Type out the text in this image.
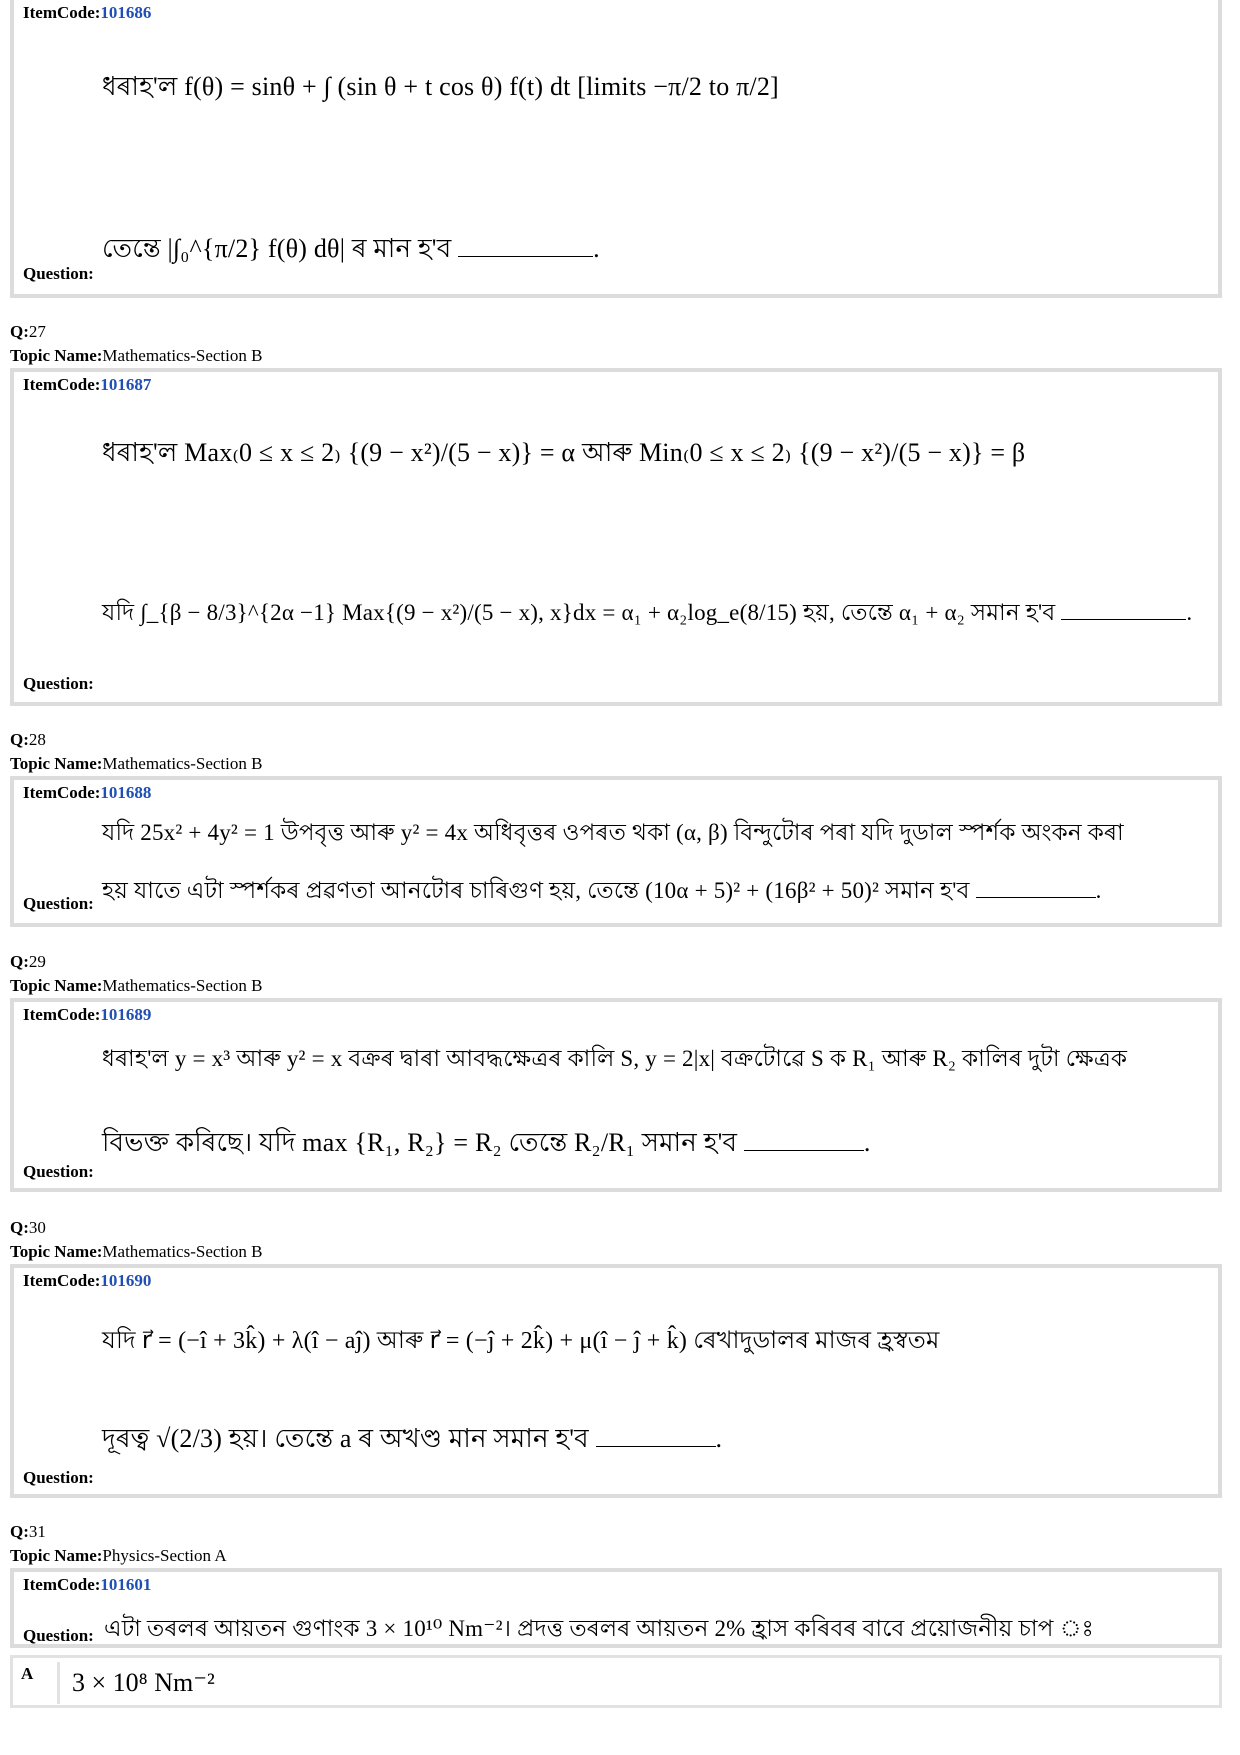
ItemCode:101686
ধৰাহ'ল f(θ) = sinθ + ∫ (sin θ + t cos θ) f(t) dt [limits −π/2 to π/2]
তেন্তে |∫₀^{π/2} f(θ) dθ| ৰ মান হ'ব	.
Question:
Q:27
Topic Name:Mathematics-Section B
ItemCode:101687
ধৰাহ'ল Max₍0 ≤ x ≤ 2₎ {(9 − x²)/(5 − x)} = α আৰু Min₍0 ≤ x ≤ 2₎ {(9 − x²)/(5 − x)} = β
যদি ∫_{β − 8/3}^{2α −1} Max{(9 − x²)/(5 − x), x}dx = α₁ + α₂log_e(8/15) হয়, তেন্তে α₁ + α₂ সমান হ'ব	.
Question:
Q:28
Topic Name:Mathematics-Section B
ItemCode:101688
যদি 25x² + 4y² = 1 উপবৃত্ত আৰু y² = 4x অধিবৃত্তৰ ওপৰত থকা (α, β) বিন্দুটোৰ পৰা যদি দুডাল স্পৰ্শক অংকন কৰা
হয় যাতে এটা স্পৰ্শকৰ প্ৰৱণতা আনটোৰ চাৰিগুণ হয়, তেন্তে (10α + 5)² + (16β² + 50)² সমান হ'ব	.
Question:
Q:29
Topic Name:Mathematics-Section B
ItemCode:101689
ধৰাহ'ল y = x³ আৰু y² = x বক্ৰৰ দ্বাৰা আবদ্ধক্ষেত্ৰৰ কালি S, y = 2|x| বক্ৰটোৱে S ক R₁ আৰু R₂ কালিৰ দুটা ক্ষেত্ৰক
বিভক্ত কৰিছে। যদি max {R₁, R₂} = R₂ তেন্তে R₂/R₁ সমান হ'ব	.
Question:
Q:30
Topic Name:Mathematics-Section B
ItemCode:101690
যদি r⃗ = (−î + 3k̂) + λ(î − aĵ) আৰু r⃗ = (−ĵ + 2k̂) + μ(î − ĵ + k̂) ৰেখাদুডালৰ মাজৰ হ্ৰস্বতম
দূৰত্ব √(2/3) হয়। তেন্তে a ৰ অখণ্ড মান সমান হ'ব	.
Question:
Q:31
Topic Name:Physics-Section A
ItemCode:101601
এটা তৰলৰ আয়তন গুণাংক 3 × 10¹⁰ Nm⁻²। প্ৰদত্ত তৰলৰ আয়তন 2% হ্ৰাস কৰিবৰ বাবে প্ৰয়োজনীয় চাপ ঃ
Question:
A	3 × 10⁸ Nm⁻²
